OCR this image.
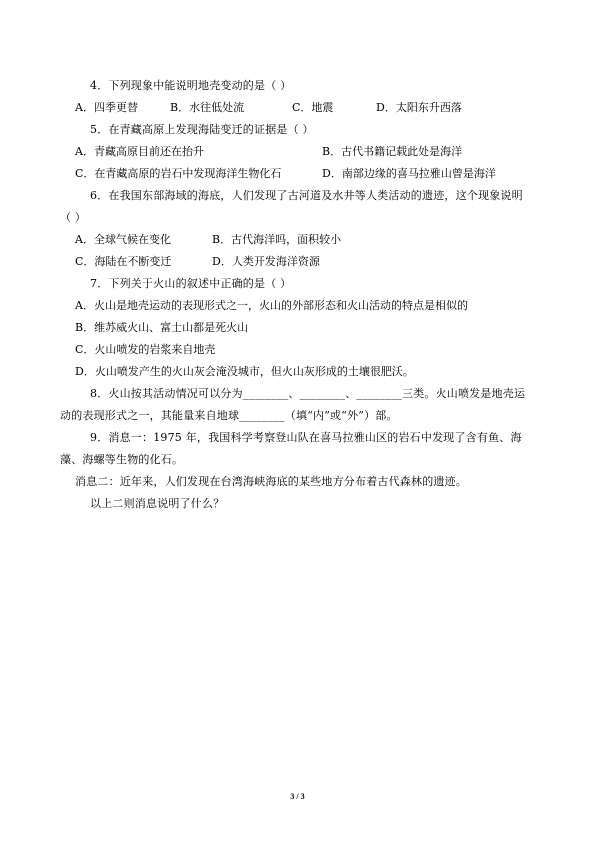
4．下列现象中能说明地壳变动的是（ ）
A．四季更替	B．水往低处流	C．地震	D．太阳东升西落
5．在青藏高原上发现海陆变迁的证据是（ ）
A．青藏高原目前还在抬升	B．古代书籍记载此处是海洋
C．在青藏高原的岩石中发现海洋生物化石	D．南部边缘的喜马拉雅山曾是海洋
6．在我国东部海域的海底，人们发现了古河道及水井等人类活动的遗迹，这个现象说明
（ ）
A．全球气候在变化	B．古代海洋吗，面积较小
C．海陆在不断变迁	D．人类开发海洋资源
7．下列关于火山的叙述中正确的是（ ）
A．火山是地壳运动的表现形式之一，火山的外部形态和火山活动的特点是相似的
B．维苏威火山、富士山都是死火山
C．火山喷发的岩浆来自地壳
D．火山喷发产生的火山灰会淹没城市，但火山灰形成的土壤很肥沃。
8．火山按其活动情况可以分为________、________、________三类。火山喷发是地壳运
动的表现形式之一，其能量来自地球________（填“内”或“外”）部。
9．消息一：1975 年，我国科学考察登山队在喜马拉雅山区的岩石中发现了含有鱼、海
藻、海螺等生物的化石。
消息二：近年来，人们发现在台湾海峡海底的某些地方分布着古代森林的遗迹。
以上二则消息说明了什么？
3 / 3
